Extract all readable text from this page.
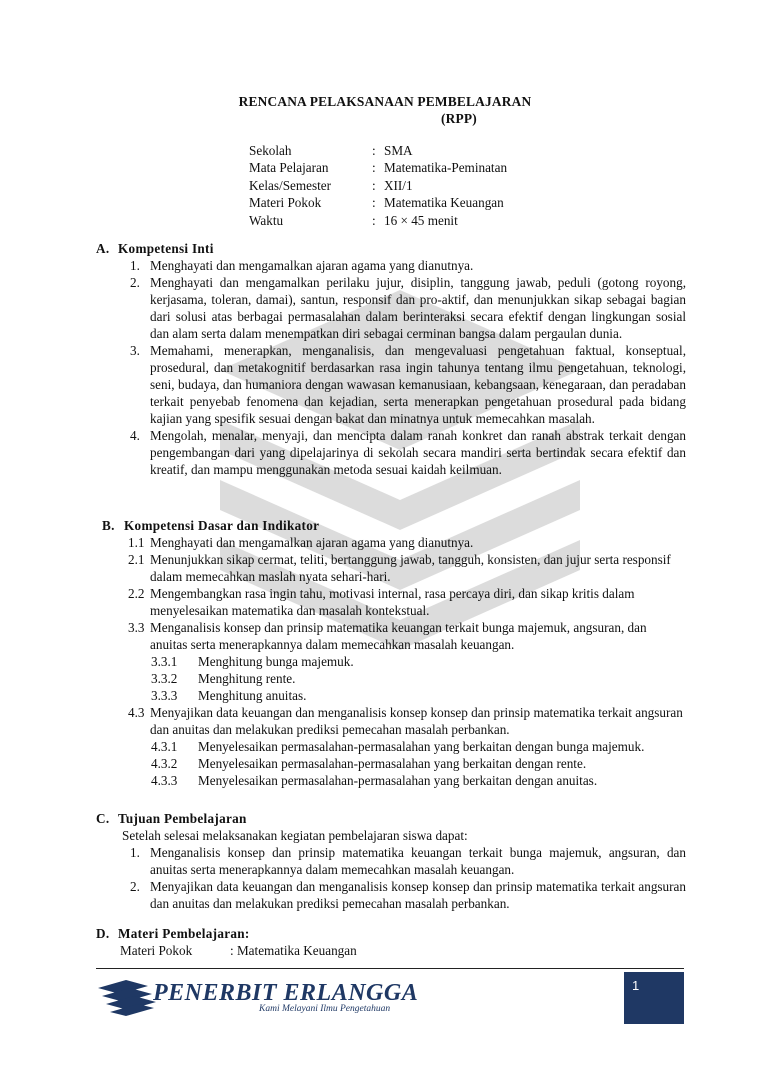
RENCANA PELAKSANAAN PEMBELAJARAN
(RPP)
Sekolah	:	SMA
Mata Pelajaran	:	Matematika-Peminatan
Kelas/Semester	:	XII/1
Materi Pokok	:	Matematika Keuangan
Waktu	:	16 × 45 menit
A. Kompetensi Inti
1. Menghayati dan mengamalkan ajaran agama yang dianutnya.
2. Menghayati dan mengamalkan perilaku jujur, disiplin, tanggung jawab, peduli (gotong royong, kerjasama, toleran, damai), santun, responsif dan pro-aktif, dan menunjukkan sikap sebagai bagian dari solusi atas berbagai permasalahan dalam berinteraksi secara efektif dengan lingkungan sosial dan alam serta dalam menempatkan diri sebagai cerminan bangsa dalam pergaulan dunia.
3. Memahami, menerapkan, menganalisis, dan mengevaluasi pengetahuan faktual, konseptual, prosedural, dan metakognitif berdasarkan rasa ingin tahunya tentang ilmu pengetahuan, teknologi, seni, budaya, dan humaniora dengan wawasan kemanusiaan, kebangsaan, kenegaraan, dan peradaban terkait penyebab fenomena dan kejadian, serta menerapkan pengetahuan prosedural pada bidang kajian yang spesifik sesuai dengan bakat dan minatnya untuk memecahkan masalah.
4. Mengolah, menalar, menyaji, dan mencipta dalam ranah konkret dan ranah abstrak terkait dengan pengembangan dari yang dipelajarinya di sekolah secara mandiri serta bertindak secara efektif dan kreatif, dan mampu menggunakan metoda sesuai kaidah keilmuan.
B. Kompetensi Dasar dan Indikator
1.1 Menghayati dan mengamalkan ajaran agama yang dianutnya.
2.1 Menunjukkan sikap cermat, teliti, bertanggung jawab, tangguh, konsisten, dan jujur serta responsif dalam memecahkan maslah nyata sehari-hari.
2.2 Mengembangkan rasa ingin tahu, motivasi internal, rasa percaya diri, dan sikap kritis dalam menyelesaikan matematika dan masalah kontekstual.
3.3 Menganalisis konsep dan prinsip matematika keuangan terkait bunga majemuk, angsuran, dan anuitas serta menerapkannya dalam memecahkan masalah keuangan.
3.3.1 Menghitung bunga majemuk.
3.3.2 Menghitung rente.
3.3.3 Menghitung anuitas.
4.3 Menyajikan data keuangan dan menganalisis konsep konsep dan prinsip matematika terkait angsuran dan anuitas dan melakukan prediksi pemecahan masalah perbankan.
4.3.1 Menyelesaikan permasalahan-permasalahan yang berkaitan dengan bunga majemuk.
4.3.2 Menyelesaikan permasalahan-permasalahan yang berkaitan dengan rente.
4.3.3 Menyelesaikan permasalahan-permasalahan yang berkaitan dengan anuitas.
C. Tujuan Pembelajaran
Setelah selesai melaksanakan kegiatan pembelajaran siswa dapat:
1. Menganalisis konsep dan prinsip matematika keuangan terkait bunga majemuk, angsuran, dan anuitas serta menerapkannya dalam memecahkan masalah keuangan.
2. Menyajikan data keuangan dan menganalisis konsep konsep dan prinsip matematika terkait angsuran dan anuitas dan melakukan prediksi pemecahan masalah perbankan.
D. Materi Pembelajaran:
Materi Pokok	: Matematika Keuangan
PENERBIT ERLANGGA
Kami Melayani Ilmu Pengetahuan
1
